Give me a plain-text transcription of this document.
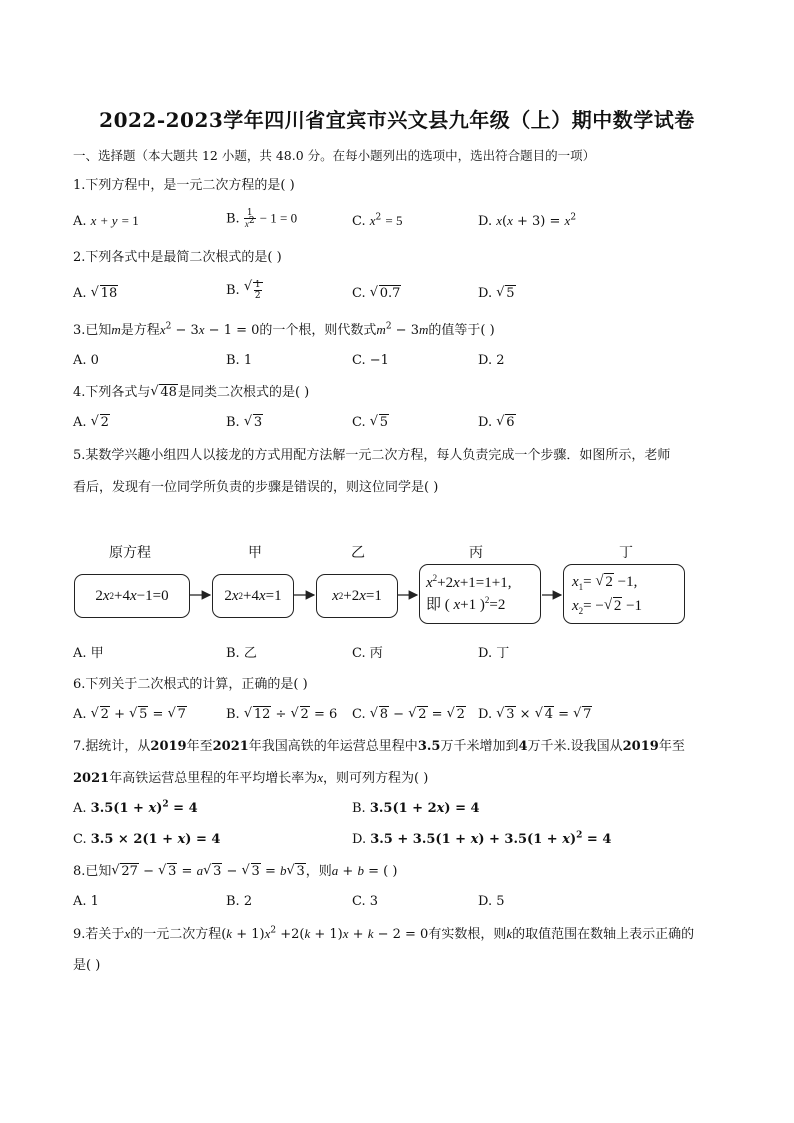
2022-2023学年四川省宜宾市兴文县九年级（上）期中数学试卷
一、选择题（本大题共 12 小题，共 48.0 分。在每小题列出的选项中，选出符合题目的一项）
1.下列方程中，是一元二次方程的是( )
A. x + y = 1	B. $\frac{1}{x^2} - 1 = 0$	C. $x^2 = 5$	D. $x(x + 3) = x^2$
2.下列各式中是最简二次根式的是( )
A. √ 18	B. √ $\frac{1}{2}$	C. √ 0.7	D. √ 5
3.已知m是方程$x^2 - 3x - 1 = 0$的一个根，则代数式$m^2 - 3m$的值等于( )
A. 0	B. 1	C. −1	D. 2
4.下列各式与 √ 48是同类二次根式的是( )
A. √ 2	B. √ 3	C. √ 5	D. √ 6
5.某数学兴趣小组四人以接龙的方式用配方法解一元二次方程，每人负责完成一个步骤．如图所示，老师
看后，发现有一位同学所负责的步骤是错误的，则这位同学是( )
原方程	甲	乙	丙	丁
2 x 2 +4 x −1=0	2 x 2 +4 x =1	x 2 +2 x =1
$x^2+2x+1=1+1$,
即 ( x+1 )$^2$=2
$x_1=$ √ 2 −1,
$x_2=$ − √ 2 −1
A. 甲	B. 乙	C. 丙	D. 丁
6.下列关于二次根式的计算，正确的是( )
A. √ 2 + √ 5 = √ 7	B. √ 12 ÷ √ 2 = 6 C. √ 8 − √ 2 = √ 2 D. √ 3 × √ 4 = √ 7
7.据统计，从2019年至2021年我国高铁的年运营总里程中3.5万千米增加到4万千米.设我国从2019年至
2021年高铁运营总里程的年平均增长率为x，则可列方程为( )
A. $3.5(1 + x)^2 = 4$	B. 3.5(1 + 2x) = 4
C. 3.5 × 2(1 + x) = 4	D. $3.5 + 3.5(1 + x) + 3.5(1 + x)^2 = 4$
8.已知 √ 27 − √ 3 = a √ 3 − √ 3 = b √ 3，则a + b = ( )
A. 1	B. 2	C. 3	D. 5
9.若关于x的一元二次方程$(k + 1)x^2 +2(k + 1)x + k - 2 = 0$有实数根，则k的取值范围在数轴上表示正确的
是( )
